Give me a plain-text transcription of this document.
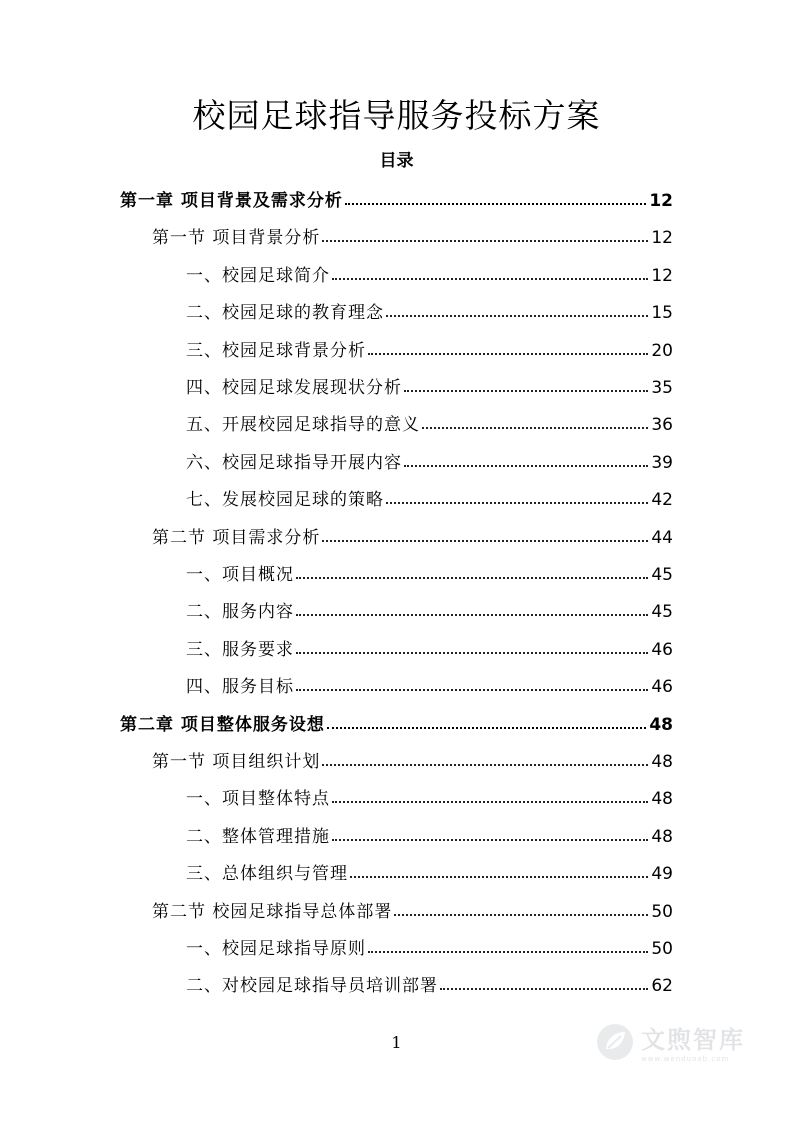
校园足球指导服务投标方案
目录
第一章 项目背景及需求分析	12
第一节 项目背景分析	12
一、校园足球简介	12
二、校园足球的教育理念	15
三、校园足球背景分析	20
四、校园足球发展现状分析	35
五、开展校园足球指导的意义	36
六、校园足球指导开展内容	39
七、发展校园足球的策略	42
第二节 项目需求分析	44
一、项目概况	45
二、服务内容	45
三、服务要求	46
四、服务目标	46
第二章 项目整体服务设想	48
第一节 项目组织计划	48
一、项目整体特点	48
二、整体管理措施	48
三、总体组织与管理	49
第二节 校园足球指导总体部署	50
一、校园足球指导原则	50
二、对校园足球指导员培训部署	62
1	文煦智库
www.wenduoab.com
